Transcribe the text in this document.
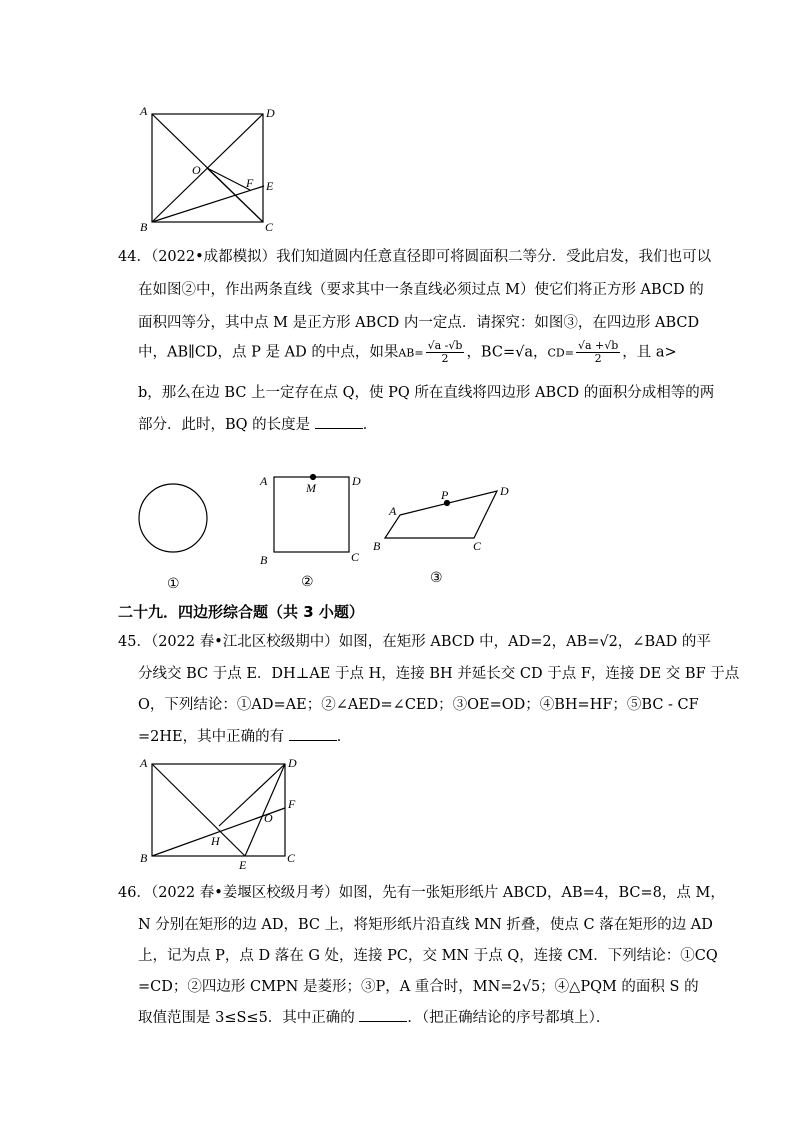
A	D
O
F E
B	C
44．（2022•成都模拟）我们知道圆内任意直径即可将圆面积二等分．受此启发，我们也可以
在如图②中，作出两条直线（要求其中一条直线必须过点 M）使它们将正方形 ABCD 的
面积四等分，其中点 M 是正方形 ABCD 内一定点．请探究：如图③，在四边形 ABCD
中，AB∥CD，点 P 是 AD 的中点，如果$AB= \frac{√a -√b}{2}$ ，BC=√a，$CD= \frac{√a +√b}{2}$ ，且 a>
b，那么在边 BC 上一定存在点 Q，使 PQ 所在直线将四边形 ABCD 的面积分成相等的两
部分．此时，BQ 的长度是	．
A	M	D
B	C
A
P	D
B	C
①	②	③
二十九．四边形综合题（共 3 小题）
45．（2022 春•江北区校级期中）如图，在矩形 ABCD 中，AD=2，AB=√2，∠BAD 的平
分线交 BC 于点 E．DH⊥AE 于点 H，连接 BH 并延长交 CD 于点 F，连接 DE 交 BF 于点
O，下列结论：①AD=AE；②∠AED=∠CED；③OE=OD；④BH=HF；⑤BC - CF
=2HE，其中正确的有	．
A	D
F
O
H
B	E	C
46．（2022 春•姜堰区校级月考）如图，先有一张矩形纸片 ABCD，AB=4，BC=8，点 M，
N 分别在矩形的边 AD，BC 上，将矩形纸片沿直线 MN 折叠，使点 C 落在矩形的边 AD
上，记为点 P，点 D 落在 G 处，连接 PC，交 MN 于点 Q，连接 CM．下列结论：①CQ
=CD；②四边形 CMPN 是菱形；③P，A 重合时，MN=2√5；④△PQM 的面积 S 的
取值范围是 3≤S≤5．其中正确的	．（把正确结论的序号都填上）．
